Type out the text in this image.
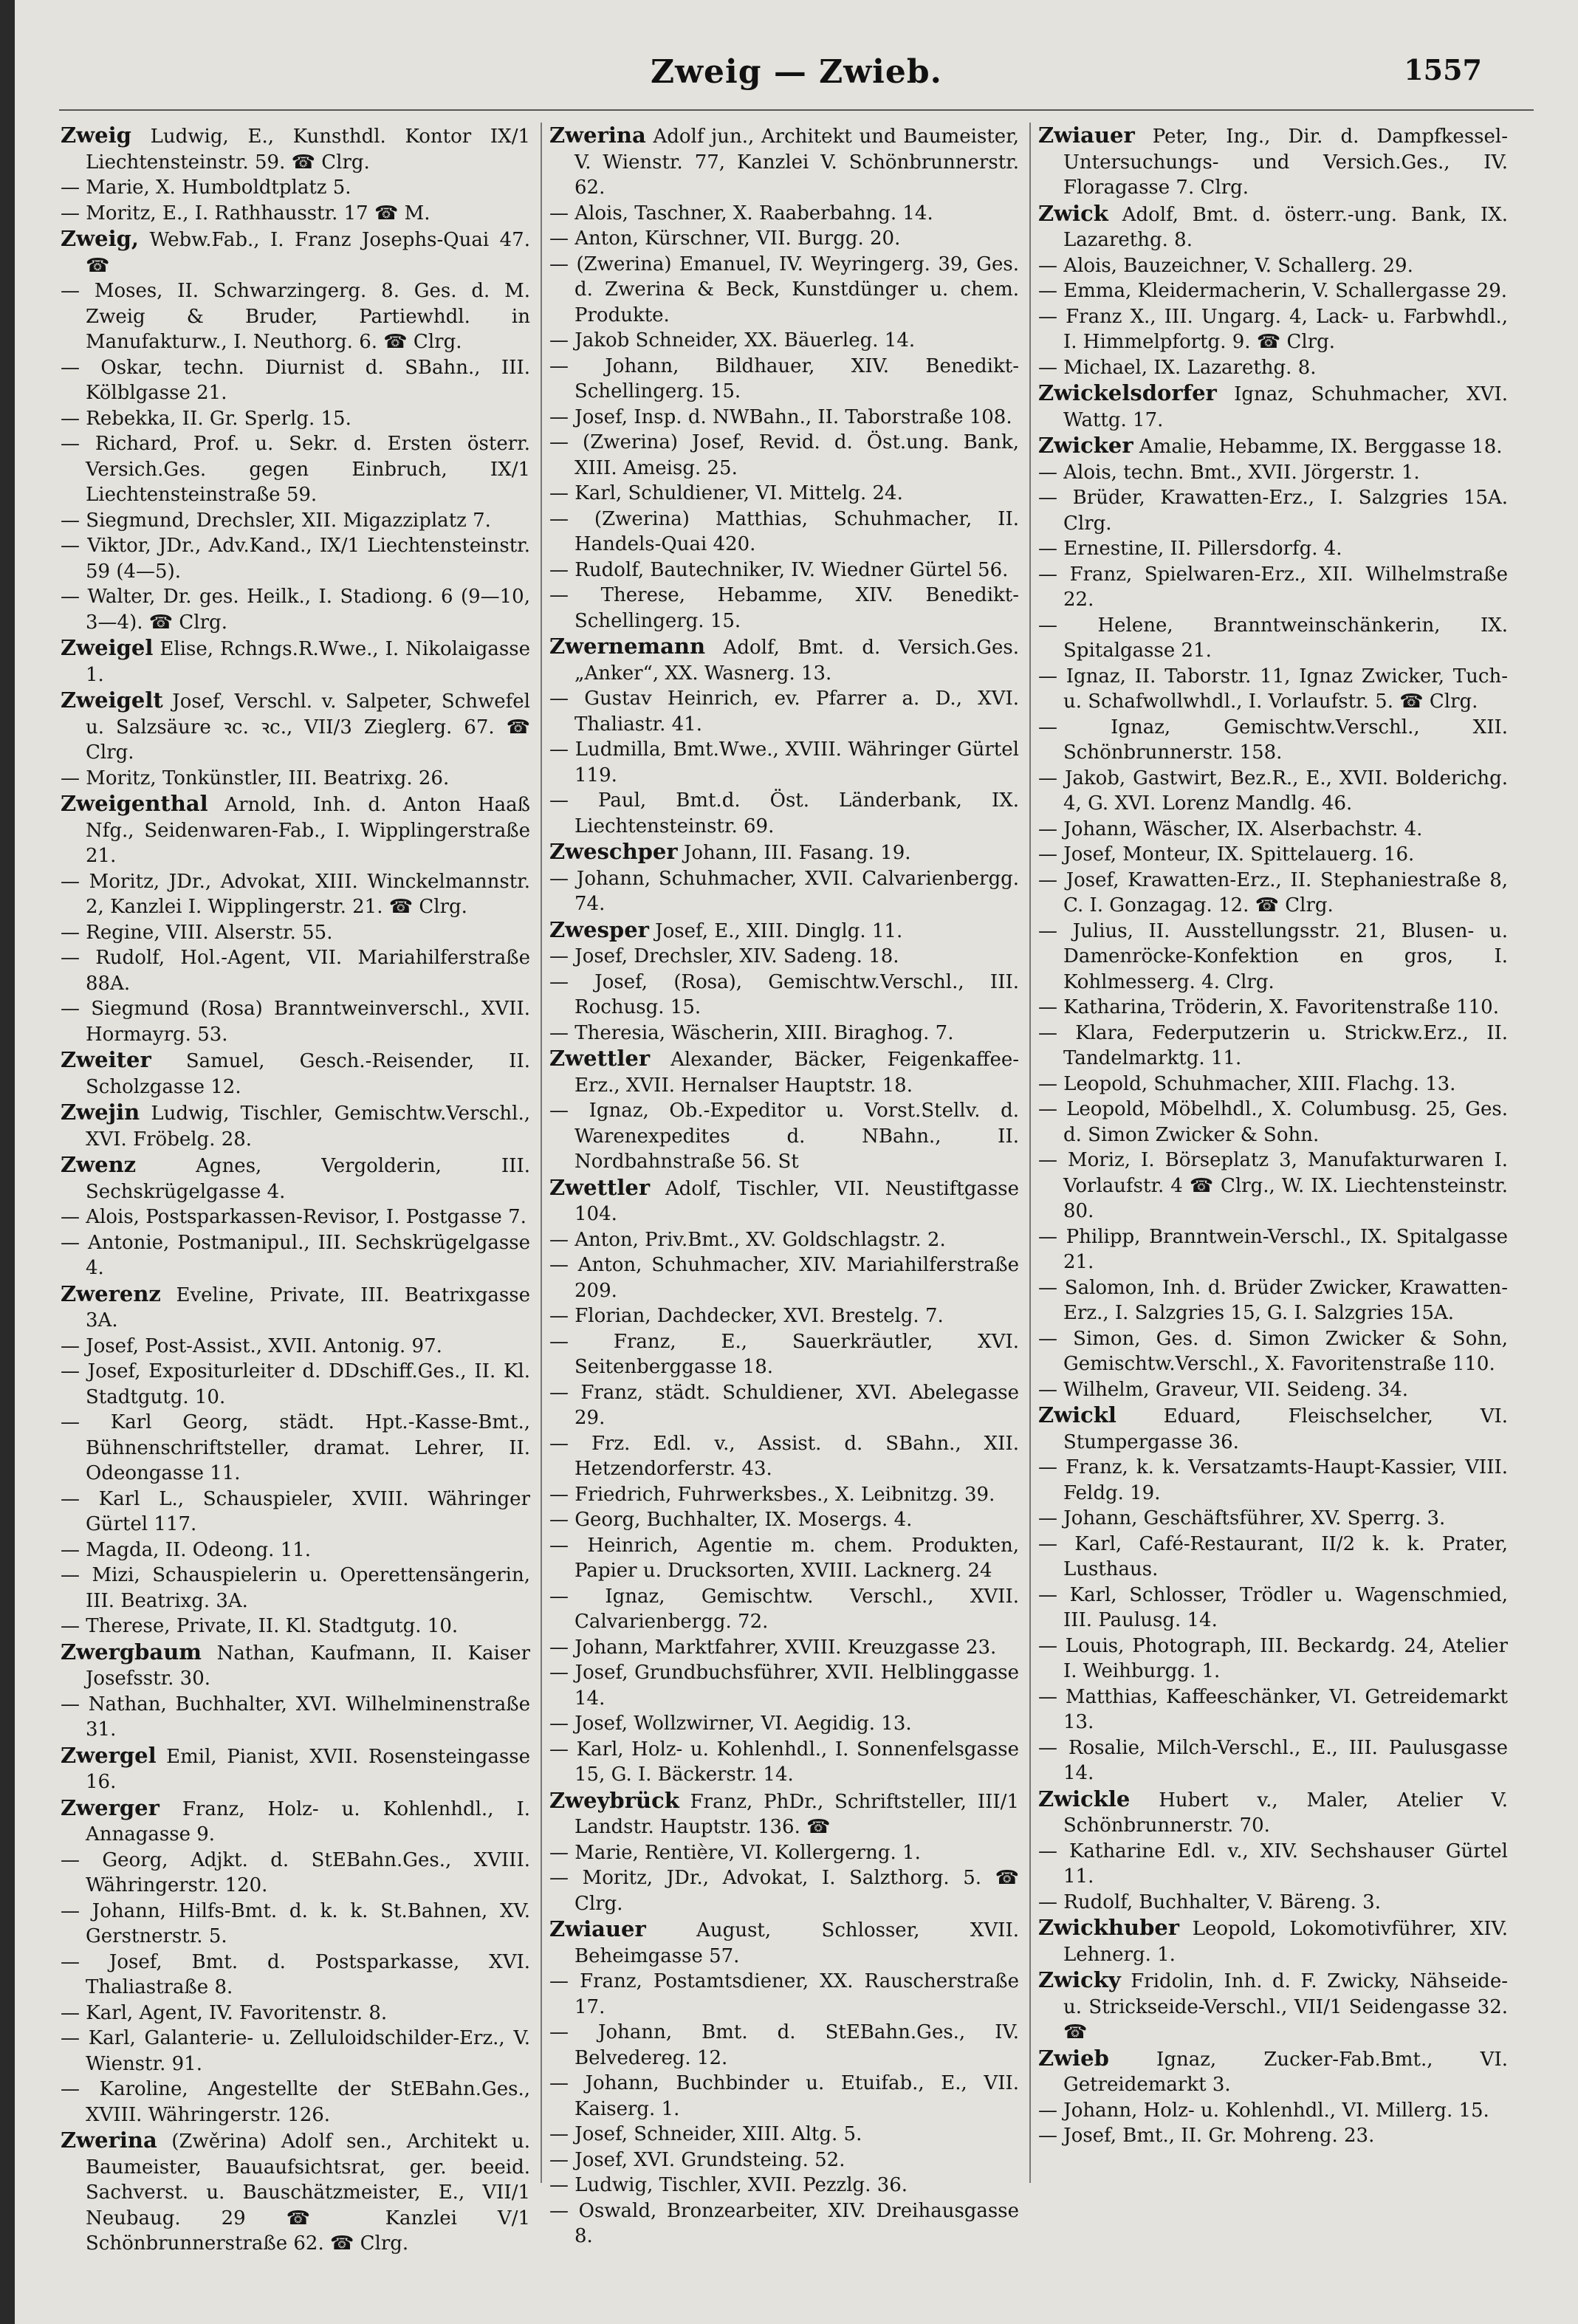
Zweig — Zwieb.	1557
Zweig Ludwig, E., Kunsthdl. Kontor IX/1 Liechtensteinstr. 59. ☎ Clrg.
— Marie, X. Humboldtplatz 5.
— Moritz, E., I. Rathhausstr. 17 ☎ M.
Zweig, Webw.Fab., I. Franz Josephs-Quai 47. ☎
— Moses, II. Schwarzingerg. 8. Ges. d. M. Zweig & Bruder, Partiewhdl. in Manufakturw., I. Neuthorg. 6. ☎ Clrg.
— Oskar, techn. Diurnist d. SBahn., III. Kölblgasse 21.
— Rebekka, II. Gr. Sperlg. 15.
— Richard, Prof. u. Sekr. d. Ersten österr. Versich.Ges. gegen Einbruch, IX/1 Liechtensteinstraße 59.
— Siegmund, Drechsler, XII. Migazziplatz 7.
— Viktor, JDr., Adv.Kand., IX/1 Liechtensteinstr. 59 (4—5).
— Walter, Dr. ges. Heilk., I. Stadiong. 6 (9—10, 3—4). ☎ Clrg.
Zweigel Elise, Rchngs.R.Wwe., I. Nikolaigasse 1.
Zweigelt Josef, Verschl. v. Salpeter, Schwefel u. Salzsäure ꝛc. ꝛc., VII/3 Zieglerg. 67. ☎ Clrg.
— Moritz, Tonkünstler, III. Beatrixg. 26.
Zweigenthal Arnold, Inh. d. Anton Haaß Nfg., Seidenwaren-Fab., I. Wipplingerstraße 21.
— Moritz, JDr., Advokat, XIII. Winckelmannstr. 2, Kanzlei I. Wipplingerstr. 21. ☎ Clrg.
— Regine, VIII. Alserstr. 55.
— Rudolf, Hol.-Agent, VII. Mariahilferstraße 88A.
— Siegmund (Rosa) Branntweinverschl., XVII. Hormayrg. 53.
Zweiter Samuel, Gesch.-Reisender, II. Scholzgasse 12.
Zwejin Ludwig, Tischler, Gemischtw.Verschl., XVI. Fröbelg. 28.
Zwenz Agnes, Vergolderin, III. Sechskrügelgasse 4.
— Alois, Postsparkassen-Revisor, I. Postgasse 7.
— Antonie, Postmanipul., III. Sechskrügelgasse 4.
Zwerenz Eveline, Private, III. Beatrixgasse 3A.
— Josef, Post-Assist., XVII. Antonig. 97.
— Josef, Expositurleiter d. DDschiff.Ges., II. Kl. Stadtgutg. 10.
— Karl Georg, städt. Hpt.-Kasse-Bmt., Bühnenschriftsteller, dramat. Lehrer, II. Odeongasse 11.
— Karl L., Schauspieler, XVIII. Währinger Gürtel 117.
— Magda, II. Odeong. 11.
— Mizi, Schauspielerin u. Operettensängerin, III. Beatrixg. 3A.
— Therese, Private, II. Kl. Stadtgutg. 10.
Zwergbaum Nathan, Kaufmann, II. Kaiser Josefsstr. 30.
— Nathan, Buchhalter, XVI. Wilhelminenstraße 31.
Zwergel Emil, Pianist, XVII. Rosensteingasse 16.
Zwerger Franz, Holz- u. Kohlenhdl., I. Annagasse 9.
— Georg, Adjkt. d. StEBahn.Ges., XVIII. Währingerstr. 120.
— Johann, Hilfs-Bmt. d. k. k. St.Bahnen, XV. Gerstnerstr. 5.
— Josef, Bmt. d. Postsparkasse, XVI. Thaliastraße 8.
— Karl, Agent, IV. Favoritenstr. 8.
— Karl, Galanterie- u. Zelluloidschilder-Erz., V. Wienstr. 91.
— Karoline, Angestellte der StEBahn.Ges., XVIII. Währingerstr. 126.
Zwerina (Zwěrina) Adolf sen., Architekt u. Baumeister, Bauaufsichtsrat, ger. beeid. Sachverst. u. Bauschätzmeister, E., VII/1 Neubaug. 29 ☎ Kanzlei V/1 Schönbrunnerstraße 62. ☎ Clrg.
Zwerina Adolf jun., Architekt und Baumeister, V. Wienstr. 77, Kanzlei V. Schönbrunnerstr. 62.
— Alois, Taschner, X. Raaberbahng. 14.
— Anton, Kürschner, VII. Burgg. 20.
— (Zwerina) Emanuel, IV. Weyringerg. 39, Ges. d. Zwerina & Beck, Kunstdünger u. chem. Produkte.
— Jakob Schneider, XX. Bäuerleg. 14.
— Johann, Bildhauer, XIV. Benedikt-Schellingerg. 15.
— Josef, Insp. d. NWBahn., II. Taborstraße 108.
— (Zwerina) Josef, Revid. d. Öst.ung. Bank, XIII. Ameisg. 25.
— Karl, Schuldiener, VI. Mittelg. 24.
— (Zwerina) Matthias, Schuhmacher, II. Handels-Quai 420.
— Rudolf, Bautechniker, IV. Wiedner Gürtel 56.
— Therese, Hebamme, XIV. Benedikt-Schellingerg. 15.
Zwernemann Adolf, Bmt. d. Versich.Ges. „Anker“, XX. Wasnerg. 13.
— Gustav Heinrich, ev. Pfarrer a. D., XVI. Thaliastr. 41.
— Ludmilla, Bmt.Wwe., XVIII. Währinger Gürtel 119.
— Paul, Bmt.d. Öst. Länderbank, IX. Liechtensteinstr. 69.
Zweschper Johann, III. Fasang. 19.
— Johann, Schuhmacher, XVII. Calvarienbergg. 74.
Zwesper Josef, E., XIII. Dinglg. 11.
— Josef, Drechsler, XIV. Sadeng. 18.
— Josef, (Rosa), Gemischtw.Verschl., III. Rochusg. 15.
— Theresia, Wäscherin, XIII. Biraghog. 7.
Zwettler Alexander, Bäcker, Feigenkaffee-Erz., XVII. Hernalser Hauptstr. 18.
— Ignaz, Ob.-Expeditor u. Vorst.Stellv. d. Warenexpedites d. NBahn., II. Nordbahnstraße 56. St
Zwettler Adolf, Tischler, VII. Neustiftgasse 104.
— Anton, Priv.Bmt., XV. Goldschlagstr. 2.
— Anton, Schuhmacher, XIV. Mariahilferstraße 209.
— Florian, Dachdecker, XVI. Brestelg. 7.
— Franz, E., Sauerkräutler, XVI. Seitenberggasse 18.
— Franz, städt. Schuldiener, XVI. Abelegasse 29.
— Frz. Edl. v., Assist. d. SBahn., XII. Hetzendorferstr. 43.
— Friedrich, Fuhrwerksbes., X. Leibnitzg. 39.
— Georg, Buchhalter, IX. Mosergs. 4.
— Heinrich, Agentie m. chem. Produkten, Papier u. Drucksorten, XVIII. Lacknerg. 24
— Ignaz, Gemischtw. Verschl., XVII. Calvarienbergg. 72.
— Johann, Marktfahrer, XVIII. Kreuzgasse 23.
— Josef, Grundbuchsführer, XVII. Helblinggasse 14.
— Josef, Wollzwirner, VI. Aegidig. 13.
— Karl, Holz- u. Kohlenhdl., I. Sonnenfelsgasse 15, G. I. Bäckerstr. 14.
Zweybrück Franz, PhDr., Schriftsteller, III/1 Landstr. Hauptstr. 136. ☎
— Marie, Rentière, VI. Kollergerng. 1.
— Moritz, JDr., Advokat, I. Salzthorg. 5. ☎ Clrg.
Zwiauer August, Schlosser, XVII. Beheimgasse 57.
— Franz, Postamtsdiener, XX. Rauscherstraße 17.
— Johann, Bmt. d. StEBahn.Ges., IV. Belvedereg. 12.
— Johann, Buchbinder u. Etuifab., E., VII. Kaiserg. 1.
— Josef, Schneider, XIII. Altg. 5.
— Josef, XVI. Grundsteing. 52.
— Ludwig, Tischler, XVII. Pezzlg. 36.
— Oswald, Bronzearbeiter, XIV. Dreihausgasse 8.
Zwiauer Peter, Ing., Dir. d. Dampfkessel-Untersuchungs- und Versich.Ges., IV. Floragasse 7. Clrg.
Zwick Adolf, Bmt. d. österr.-ung. Bank, IX. Lazarethg. 8.
— Alois, Bauzeichner, V. Schallerg. 29.
— Emma, Kleidermacherin, V. Schallergasse 29.
— Franz X., III. Ungarg. 4, Lack- u. Farbwhdl., I. Himmelpfortg. 9. ☎ Clrg.
— Michael, IX. Lazarethg. 8.
Zwickelsdorfer Ignaz, Schuhmacher, XVI. Wattg. 17.
Zwicker Amalie, Hebamme, IX. Berggasse 18.
— Alois, techn. Bmt., XVII. Jörgerstr. 1.
— Brüder, Krawatten-Erz., I. Salzgries 15A. Clrg.
— Ernestine, II. Pillersdorfg. 4.
— Franz, Spielwaren-Erz., XII. Wilhelmstraße 22.
— Helene, Branntweinschänkerin, IX. Spitalgasse 21.
— Ignaz, II. Taborstr. 11, Ignaz Zwicker, Tuch- u. Schafwollwhdl., I. Vorlaufstr. 5. ☎ Clrg.
— Ignaz, Gemischtw.Verschl., XII. Schönbrunnerstr. 158.
— Jakob, Gastwirt, Bez.R., E., XVII. Bolderichg. 4, G. XVI. Lorenz Mandlg. 46.
— Johann, Wäscher, IX. Alserbachstr. 4.
— Josef, Monteur, IX. Spittelauerg. 16.
— Josef, Krawatten-Erz., II. Stephaniestraße 8, C. I. Gonzagag. 12. ☎ Clrg.
— Julius, II. Ausstellungsstr. 21, Blusen- u. Damenröcke-Konfektion en gros, I. Kohlmesserg. 4. Clrg.
— Katharina, Tröderin, X. Favoritenstraße 110.
— Klara, Federputzerin u. Strickw.Erz., II. Tandelmarktg. 11.
— Leopold, Schuhmacher, XIII. Flachg. 13.
— Leopold, Möbelhdl., X. Columbusg. 25, Ges. d. Simon Zwicker & Sohn.
— Moriz, I. Börseplatz 3, Manufakturwaren I. Vorlaufstr. 4 ☎ Clrg., W. IX. Liechtensteinstr. 80.
— Philipp, Branntwein-Verschl., IX. Spitalgasse 21.
— Salomon, Inh. d. Brüder Zwicker, Krawatten-Erz., I. Salzgries 15, G. I. Salzgries 15A.
— Simon, Ges. d. Simon Zwicker & Sohn, Gemischtw.Verschl., X. Favoritenstraße 110.
— Wilhelm, Graveur, VII. Seideng. 34.
Zwickl Eduard, Fleischselcher, VI. Stumpergasse 36.
— Franz, k. k. Versatzamts-Haupt-Kassier, VIII. Feldg. 19.
— Johann, Geschäftsführer, XV. Sperrg. 3.
— Karl, Café-Restaurant, II/2 k. k. Prater, Lusthaus.
— Karl, Schlosser, Trödler u. Wagenschmied, III. Paulusg. 14.
— Louis, Photograph, III. Beckardg. 24, Atelier I. Weihburgg. 1.
— Matthias, Kaffeeschänker, VI. Getreidemarkt 13.
— Rosalie, Milch-Verschl., E., III. Paulusgasse 14.
Zwickle Hubert v., Maler, Atelier V. Schönbrunnerstr. 70.
— Katharine Edl. v., XIV. Sechshauser Gürtel 11.
— Rudolf, Buchhalter, V. Bäreng. 3.
Zwickhuber Leopold, Lokomotivführer, XIV. Lehnerg. 1.
Zwicky Fridolin, Inh. d. F. Zwicky, Nähseide- u. Strickseide-Verschl., VII/1 Seidengasse 32. ☎
Zwieb Ignaz, Zucker-Fab.Bmt., VI. Getreidemarkt 3.
— Johann, Holz- u. Kohlenhdl., VI. Millerg. 15.
— Josef, Bmt., II. Gr. Mohreng. 23.
